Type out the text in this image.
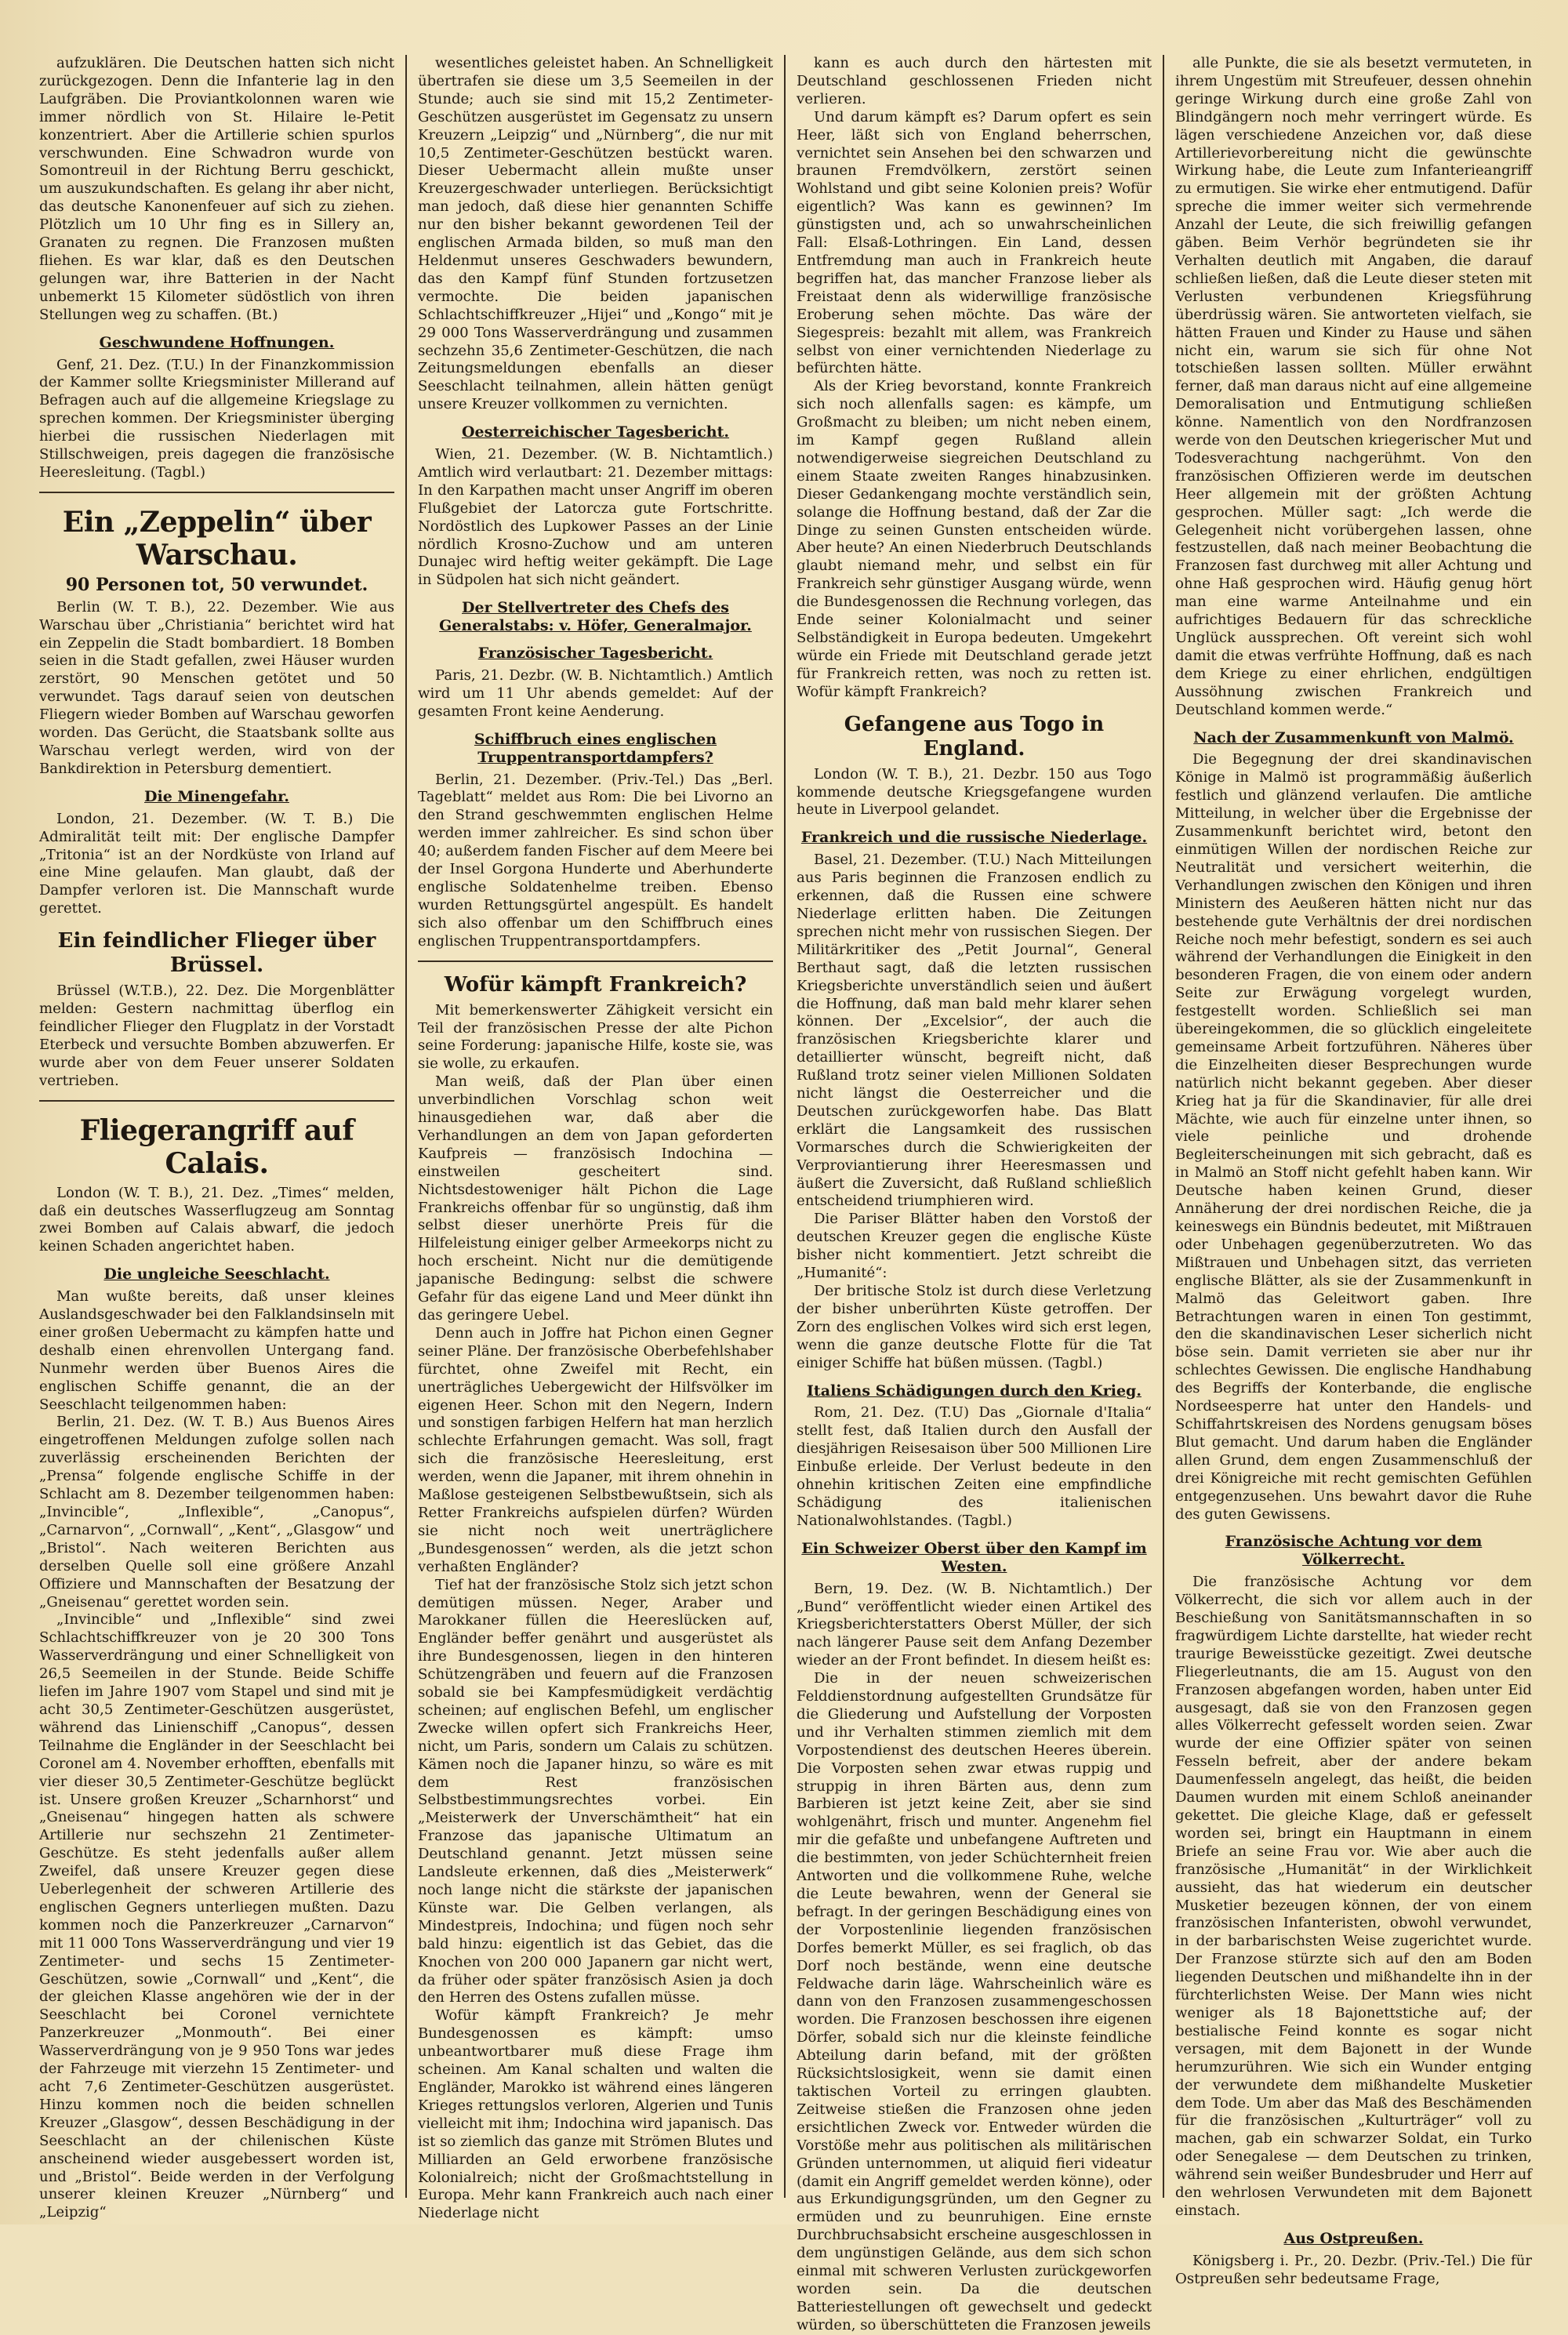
aufzuklären. Die Deutschen hatten sich nicht zurückgezogen. Denn die Infanterie lag in den Laufgräben. Die Proviantkolonnen waren wie immer nördlich von St. Hilaire le-Petit konzentriert. Aber die Artillerie schien spurlos verschwunden. Eine Schwadron wurde von Somontreuil in der Richtung Berru geschickt, um auszukundschaften. Es gelang ihr aber nicht, das deutsche Kanonenfeuer auf sich zu ziehen. Plötzlich um 10 Uhr fing es in Sillery an, Granaten zu regnen. Die Franzosen mußten fliehen. Es war klar, daß es den Deutschen gelungen war, ihre Batterien in der Nacht unbemerkt 15 Kilometer südöstlich von ihren Stellungen weg zu schaffen. (Bt.)

Geschwundene Hoffnungen.

Genf, 21. Dez. (T.U.) In der Finanzkommission der Kammer sollte Kriegsminister Millerand auf Befragen auch auf die allgemeine Kriegslage zu sprechen kommen. Der Kriegsminister überging hierbei die russischen Niederlagen mit Stillschweigen, preis dagegen die französische Heeresleitung. (Tagbl.)

Ein „Zeppelin“ über Warschau.
90 Personen tot, 50 verwundet.

Berlin (W. T. B.), 22. Dezember. Wie aus Warschau über „Christiania“ berichtet wird hat ein Zeppelin die Stadt bombardiert. 18 Bomben seien in die Stadt gefallen, zwei Häuser wurden zerstört, 90 Menschen getötet und 50 verwundet. Tags darauf seien von deutschen Fliegern wieder Bomben auf Warschau geworfen worden. Das Gerücht, die Staatsbank sollte aus Warschau verlegt werden, wird von der Bankdirektion in Petersburg dementiert.

Die Minengefahr.

London, 21. Dezember. (W. T. B.) Die Admiralität teilt mit: Der englische Dampfer „Tritonia“ ist an der Nordküste von Irland auf eine Mine gelaufen. Man glaubt, daß der Dampfer verloren ist. Die Mannschaft wurde gerettet.

Ein feindlicher Flieger über Brüssel.

Brüssel (W.T.B.), 22. Dez. Die Morgenblätter melden: Gestern nachmittag überflog ein feindlicher Flieger den Flugplatz in der Vorstadt Eterbeck und versuchte Bomben abzuwerfen. Er wurde aber von dem Feuer unserer Soldaten vertrieben.

Fliegerangriff auf Calais.

London (W. T. B.), 21. Dez. „Times“ melden, daß ein deutsches Wasserflugzeug am Sonntag zwei Bomben auf Calais abwarf, die jedoch keinen Schaden angerichtet haben.

Die ungleiche Seeschlacht.

Man wußte bereits, daß unser kleines Auslandsgeschwader bei den Falklandsinseln mit einer großen Uebermacht zu kämpfen hatte und deshalb einen ehrenvollen Untergang fand. Nunmehr werden über Buenos Aires die englischen Schiffe genannt, die an der Seeschlacht teilgenommen haben:

Berlin, 21. Dez. (W. T. B.) Aus Buenos Aires eingetroffenen Meldungen zufolge sollen nach zuverlässig erscheinenden Berichten der „Prensa“ folgende englische Schiffe in der Schlacht am 8. Dezember teilgenommen haben: „Invincible“, „Inflexible“, „Canopus“, „Carnarvon“, „Cornwall“, „Kent“, „Glasgow“ und „Bristol“. Nach weiteren Berichten aus derselben Quelle soll eine größere Anzahl Offiziere und Mannschaften der Besatzung der „Gneisenau“ gerettet worden sein.

„Invincible“ und „Inflexible“ sind zwei Schlachtschiffkreuzer von je 20 300 Tons Wasserverdrängung und einer Schnelligkeit von 26,5 Seemeilen in der Stunde. Beide Schiffe liefen im Jahre 1907 vom Stapel und sind mit je acht 30,5 Zentimeter-Geschützen ausgerüstet, während das Linienschiff „Canopus“, dessen Teilnahme die Engländer in der Seeschlacht bei Coronel am 4. November erhofften, ebenfalls mit vier dieser 30,5 Zentimeter-Geschütze beglückt ist. Unsere großen Kreuzer „Scharnhorst“ und „Gneisenau“ hingegen hatten als schwere Artillerie nur sechszehn 21 Zentimeter-Geschütze. Es steht jedenfalls außer allem Zweifel, daß unsere Kreuzer gegen diese Ueberlegenheit der schweren Artillerie des englischen Gegners unterliegen mußten. Dazu kommen noch die Panzerkreuzer „Carnarvon“ mit 11 000 Tons Wasserverdrängung und vier 19 Zentimeter- und sechs 15 Zentimeter-Geschützen, sowie „Cornwall“ und „Kent“, die der gleichen Klasse angehören wie der in der Seeschlacht bei Coronel vernichtete Panzerkreuzer „Monmouth“. Bei einer Wasserverdrängung von je 9 950 Tons war jedes der Fahrzeuge mit vierzehn 15 Zentimeter- und acht 7,6 Zentimeter-Geschützen ausgerüstet. Hinzu kommen noch die beiden schnellen Kreuzer „Glasgow“, dessen Beschädigung in der Seeschlacht an der chilenischen Küste anscheinend wieder ausgebessert worden ist, und „Bristol“. Beide werden in der Verfolgung unserer kleinen Kreuzer „Nürnberg“ und „Leipzig“

wesentliches geleistet haben. An Schnelligkeit übertrafen sie diese um 3,5 Seemeilen in der Stunde; auch sie sind mit 15,2 Zentimeter-Geschützen ausgerüstet im Gegensatz zu unsern Kreuzern „Leipzig“ und „Nürnberg“, die nur mit 10,5 Zentimeter-Geschützen bestückt waren. Dieser Uebermacht allein mußte unser Kreuzergeschwader unterliegen. Berücksichtigt man jedoch, daß diese hier genannten Schiffe nur den bisher bekannt gewordenen Teil der englischen Armada bilden, so muß man den Heldenmut unseres Geschwaders bewundern, das den Kampf fünf Stunden fortzusetzen vermochte. Die beiden japanischen Schlachtschiffkreuzer „Hijei“ und „Kongo“ mit je 29 000 Tons Wasserverdrängung und zusammen sechzehn 35,6 Zentimeter-Geschützen, die nach Zeitungsmeldungen ebenfalls an dieser Seeschlacht teilnahmen, allein hätten genügt unsere Kreuzer vollkommen zu vernichten.

Oesterreichischer Tagesbericht.

Wien, 21. Dezember. (W. B. Nichtamtlich.) Amtlich wird verlautbart: 21. Dezember mittags: In den Karpathen macht unser Angriff im oberen Flußgebiet der Latorcza gute Fortschritte. Nordöstlich des Lupkower Passes an der Linie nördlich Krosno-Zuchow und am unteren Dunajec wird heftig weiter gekämpft. Die Lage in Südpolen hat sich nicht geändert.

Der Stellvertreter des Chefs des Generalstabs: v. Höfer, Generalmajor.
Französischer Tagesbericht.

Paris, 21. Dezbr. (W. B. Nichtamtlich.) Amtlich wird um 11 Uhr abends gemeldet: Auf der gesamten Front keine Aenderung.

Schiffbruch eines englischen Truppentransportdampfers?

Berlin, 21. Dezember. (Priv.-Tel.) Das „Berl. Tageblatt“ meldet aus Rom: Die bei Livorno an den Strand geschwemmten englischen Helme werden immer zahlreicher. Es sind schon über 40; außerdem fanden Fischer auf dem Meere bei der Insel Gorgona Hunderte und Aberhunderte englische Soldatenhelme treiben. Ebenso wurden Rettungsgürtel angespült. Es handelt sich also offenbar um den Schiffbruch eines englischen Truppentransportdampfers.

Wofür kämpft Frankreich?

Mit bemerkenswerter Zähigkeit versicht ein Teil der französischen Presse der alte Pichon seine Forderung: japanische Hilfe, koste sie, was sie wolle, zu erkaufen.

Man weiß, daß der Plan über einen unverbindlichen Vorschlag schon weit hinausgediehen war, daß aber die Verhandlungen an dem von Japan geforderten Kaufpreis — französisch Indochina — einstweilen gescheitert sind. Nichtsdestoweniger hält Pichon die Lage Frankreichs offenbar für so ungünstig, daß ihm selbst dieser unerhörte Preis für die Hilfeleistung einiger gelber Armeekorps nicht zu hoch erscheint. Nicht nur die demütigende japanische Bedingung: selbst die schwere Gefahr für das eigene Land und Meer dünkt ihn das geringere Uebel.

Denn auch in Joffre hat Pichon einen Gegner seiner Pläne. Der französische Oberbefehlshaber fürchtet, ohne Zweifel mit Recht, ein unerträgliches Uebergewicht der Hilfsvölker im eigenen Heer. Schon mit den Negern, Indern und sonstigen farbigen Helfern hat man herzlich schlechte Erfahrungen gemacht. Was soll, fragt sich die französische Heeresleitung, erst werden, wenn die Japaner, mit ihrem ohnehin in Maßlose gesteigenen Selbstbewußtsein, sich als Retter Frankreichs aufspielen dürfen? Würden sie nicht noch weit unerträglichere „Bundesgenossen“ werden, als die jetzt schon verhaßten Engländer?

Tief hat der französische Stolz sich jetzt schon demütigen müssen. Neger, Araber und Marokkaner füllen die Heereslücken auf, Engländer beffer genährt und ausgerüstet als ihre Bundesgenossen, liegen in den hinteren Schützengräben und feuern auf die Franzosen sobald sie bei Kampfesmüdigkeit verdächtig scheinen; auf englischen Befehl, um englischer Zwecke willen opfert sich Frankreichs Heer, nicht, um Paris, sondern um Calais zu schützen. Kämen noch die Japaner hinzu, so wäre es mit dem Rest französischen Selbstbestimmungsrechtes vorbei. Ein „Meisterwerk der Unverschämtheit“ hat ein Franzose das japanische Ultimatum an Deutschland genannt. Jetzt müssen seine Landsleute erkennen, daß dies „Meisterwerk“ noch lange nicht die stärkste der japanischen Künste war. Die Gelben verlangen, als Mindestpreis, Indochina; und fügen noch sehr bald hinzu: eigentlich ist das Gebiet, das die Knochen von 200 000 Japanern gar nicht wert, da früher oder später französisch Asien ja doch den Herren des Ostens zufallen müsse.

Wofür kämpft Frankreich? Je mehr Bundesgenossen es kämpft: umso unbeantwortbarer muß diese Frage ihm scheinen. Am Kanal schalten und walten die Engländer, Marokko ist während eines längeren Krieges rettungslos verloren, Algerien und Tunis vielleicht mit ihm; Indochina wird japanisch. Das ist so ziemlich das ganze mit Strömen Blutes und Milliarden an Geld erworbene französische Kolonialreich; nicht der Großmachtstellung in Europa. Mehr kann Frankreich auch nach einer Niederlage nicht

kann es auch durch den härtesten mit Deutschland geschlossenen Frieden nicht verlieren.

Und darum kämpft es? Darum opfert es sein Heer, läßt sich von England beherrschen, vernichtet sein Ansehen bei den schwarzen und braunen Fremdvölkern, zerstört seinen Wohlstand und gibt seine Kolonien preis? Wofür eigentlich? Was kann es gewinnen? Im günstigsten und, ach so unwahrscheinlichen Fall: Elsaß-Lothringen. Ein Land, dessen Entfremdung man auch in Frankreich heute begriffen hat, das mancher Franzose lieber als Freistaat denn als widerwillige französische Eroberung sehen möchte. Das wäre der Siegespreis: bezahlt mit allem, was Frankreich selbst von einer vernichtenden Niederlage zu befürchten hätte.

Als der Krieg bevorstand, konnte Frankreich sich noch allenfalls sagen: es kämpfe, um Großmacht zu bleiben; um nicht neben einem, im Kampf gegen Rußland allein notwendigerweise siegreichen Deutschland zu einem Staate zweiten Ranges hinabzusinken. Dieser Gedankengang mochte verständlich sein, solange die Hoffnung bestand, daß der Zar die Dinge zu seinen Gunsten entscheiden würde. Aber heute? An einen Niederbruch Deutschlands glaubt niemand mehr, und selbst ein für Frankreich sehr günstiger Ausgang würde, wenn die Bundesgenossen die Rechnung vorlegen, das Ende seiner Kolonialmacht und seiner Selbständigkeit in Europa bedeuten. Umgekehrt würde ein Friede mit Deutschland gerade jetzt für Frankreich retten, was noch zu retten ist. Wofür kämpft Frankreich?

Gefangene aus Togo in England.

London (W. T. B.), 21. Dezbr. 150 aus Togo kommende deutsche Kriegsgefangene wurden heute in Liverpool gelandet.

Frankreich und die russische Niederlage.

Basel, 21. Dezember. (T.U.) Nach Mitteilungen aus Paris beginnen die Franzosen endlich zu erkennen, daß die Russen eine schwere Niederlage erlitten haben. Die Zeitungen sprechen nicht mehr von russischen Siegen. Der Militärkritiker des „Petit Journal“, General Berthaut sagt, daß die letzten russischen Kriegsberichte unverständlich seien und äußert die Hoffnung, daß man bald mehr klarer sehen können. Der „Excelsior“, der auch die französischen Kriegsberichte klarer und detaillierter wünscht, begreift nicht, daß Rußland trotz seiner vielen Millionen Soldaten nicht längst die Oesterreicher und die Deutschen zurückgeworfen habe. Das Blatt erklärt die Langsamkeit des russischen Vormarsches durch die Schwierigkeiten der Verproviantierung ihrer Heeresmassen und äußert die Zuversicht, daß Rußland schließlich entscheidend triumphieren wird.

Die Pariser Blätter haben den Vorstoß der deutschen Kreuzer gegen die englische Küste bisher nicht kommentiert. Jetzt schreibt die „Humanité“:

Der britische Stolz ist durch diese Verletzung der bisher unberührten Küste getroffen. Der Zorn des englischen Volkes wird sich erst legen, wenn die ganze deutsche Flotte für die Tat einiger Schiffe hat büßen müssen. (Tagbl.)

Italiens Schädigungen durch den Krieg.

Rom, 21. Dez. (T.U) Das „Giornale d'Italia“ stellt fest, daß Italien durch den Ausfall der diesjährigen Reisesaison über 500 Millionen Lire Einbuße erleide. Der Verlust bedeute in den ohnehin kritischen Zeiten eine empfindliche Schädigung des italienischen Nationalwohlstandes. (Tagbl.)

Ein Schweizer Oberst über den Kampf im Westen.

Bern, 19. Dez. (W. B. Nichtamtlich.) Der „Bund“ veröffentlicht wieder einen Artikel des Kriegsberichterstatters Oberst Müller, der sich nach längerer Pause seit dem Anfang Dezember wieder an der Front befindet. In diesem heißt es:

Die in der neuen schweizerischen Felddienstordnung aufgestellten Grundsätze für die Gliederung und Aufstellung der Vorposten und ihr Verhalten stimmen ziemlich mit dem Vorpostendienst des deutschen Heeres überein. Die Vorposten sehen zwar etwas ruppig und struppig in ihren Bärten aus, denn zum Barbieren ist jetzt keine Zeit, aber sie sind wohlgenährt, frisch und munter. Angenehm fiel mir die gefaßte und unbefangene Auftreten und die bestimmten, von jeder Schüchternheit freien Antworten und die vollkommene Ruhe, welche die Leute bewahren, wenn der General sie befragt. In der geringen Beschädigung eines von der Vorpostenlinie liegenden französischen Dorfes bemerkt Müller, es sei fraglich, ob das Dorf noch bestände, wenn eine deutsche Feldwache darin läge. Wahrscheinlich wäre es dann von den Franzosen zusammengeschossen worden. Die Franzosen beschossen ihre eigenen Dörfer, sobald sich nur die kleinste feindliche Abteilung darin befand, mit der größten Rücksichtslosigkeit, wenn sie damit einen taktischen Vorteil zu erringen glaubten. Zeitweise stießen die Franzosen ohne jeden ersichtlichen Zweck vor. Entweder würden die Vorstöße mehr aus politischen als militärischen Gründen unternommen, ut aliquid fieri videatur (damit ein Angriff gemeldet werden könne), oder aus Erkundigungsgründen, um den Gegner zu ermüden und zu beunruhigen. Eine ernste Durchbruchsabsicht erscheine ausgeschlossen in dem ungünstigen Gelände, aus dem sich schon einmal mit schweren Verlusten zurückgeworfen worden sein. Da die deutschen Batteriestellungen oft gewechselt und gedeckt würden, so überschütteten die Franzosen jeweils

alle Punkte, die sie als besetzt vermuteten, in ihrem Ungestüm mit Streufeuer, dessen ohnehin geringe Wirkung durch eine große Zahl von Blindgängern noch mehr verringert würde. Es lägen verschiedene Anzeichen vor, daß diese Artillerievorbereitung nicht die gewünschte Wirkung habe, die Leute zum Infanterieangriff zu ermutigen. Sie wirke eher entmutigend. Dafür spreche die immer weiter sich vermehrende Anzahl der Leute, die sich freiwillig gefangen gäben. Beim Verhör begründeten sie ihr Verhalten deutlich mit Angaben, die darauf schließen ließen, daß die Leute dieser steten mit Verlusten verbundenen Kriegsführung überdrüssig wären. Sie antworteten vielfach, sie hätten Frauen und Kinder zu Hause und sähen nicht ein, warum sie sich für ohne Not totschießen lassen sollten. Müller erwähnt ferner, daß man daraus nicht auf eine allgemeine Demoralisation und Entmutigung schließen könne. Namentlich von den Nordfranzosen werde von den Deutschen kriegerischer Mut und Todesverachtung nachgerühmt. Von den französischen Offizieren werde im deutschen Heer allgemein mit der größten Achtung gesprochen. Müller sagt: „Ich werde die Gelegenheit nicht vorübergehen lassen, ohne festzustellen, daß nach meiner Beobachtung die Franzosen fast durchweg mit aller Achtung und ohne Haß gesprochen wird. Häufig genug hört man eine warme Anteilnahme und ein aufrichtiges Bedauern für das schreckliche Unglück aussprechen. Oft vereint sich wohl damit die etwas verfrühte Hoffnung, daß es nach dem Kriege zu einer ehrlichen, endgültigen Aussöhnung zwischen Frankreich und Deutschland kommen werde.“

Nach der Zusammenkunft von Malmö.

Die Begegnung der drei skandinavischen Könige in Malmö ist programmäßig äußerlich festlich und glänzend verlaufen. Die amtliche Mitteilung, in welcher über die Ergebnisse der Zusammenkunft berichtet wird, betont den einmütigen Willen der nordischen Reiche zur Neutralität und versichert weiterhin, die Verhandlungen zwischen den Königen und ihren Ministern des Aeußeren hätten nicht nur das bestehende gute Verhältnis der drei nordischen Reiche noch mehr befestigt, sondern es sei auch während der Verhandlungen die Einigkeit in den besonderen Fragen, die von einem oder andern Seite zur Erwägung vorgelegt wurden, festgestellt worden. Schließlich sei man übereingekommen, die so glücklich eingeleitete gemeinsame Arbeit fortzuführen. Näheres über die Einzelheiten dieser Besprechungen wurde natürlich nicht bekannt gegeben. Aber dieser Krieg hat ja für die Skandinavier, für alle drei Mächte, wie auch für einzelne unter ihnen, so viele peinliche und drohende Begleiterscheinungen mit sich gebracht, daß es in Malmö an Stoff nicht gefehlt haben kann. Wir Deutsche haben keinen Grund, dieser Annäherung der drei nordischen Reiche, die ja keineswegs ein Bündnis bedeutet, mit Mißtrauen oder Unbehagen gegenüberzutreten. Wo das Mißtrauen und Unbehagen sitzt, das verrieten englische Blätter, als sie der Zusammenkunft in Malmö das Geleitwort gaben. Ihre Betrachtungen waren in einen Ton gestimmt, den die skandinavischen Leser sicherlich nicht böse sein. Damit verrieten sie aber nur ihr schlechtes Gewissen. Die englische Handhabung des Begriffs der Konterbande, die englische Nordseesperre hat unter den Handels- und Schiffahrtskreisen des Nordens genugsam böses Blut gemacht. Und darum haben die Engländer allen Grund, dem engen Zusammenschluß der drei Königreiche mit recht gemischten Gefühlen entgegenzusehen. Uns bewahrt davor die Ruhe des guten Gewissens.

Französische Achtung vor dem Völkerrecht.

Die französische Achtung vor dem Völkerrecht, die sich vor allem auch in der Beschießung von Sanitätsmannschaften in so fragwürdigem Lichte darstellte, hat wieder recht traurige Beweisstücke gezeitigt. Zwei deutsche Fliegerleutnants, die am 15. August von den Franzosen abgefangen worden, haben unter Eid ausgesagt, daß sie von den Franzosen gegen alles Völkerrecht gefesselt worden seien. Zwar wurde der eine Offizier später von seinen Fesseln befreit, aber der andere bekam Daumenfesseln angelegt, das heißt, die beiden Daumen wurden mit einem Schloß aneinander gekettet. Die gleiche Klage, daß er gefesselt worden sei, bringt ein Hauptmann in einem Briefe an seine Frau vor. Wie aber auch die französische „Humanität“ in der Wirklichkeit aussieht, das hat wiederum ein deutscher Musketier bezeugen können, der von einem französischen Infanteristen, obwohl verwundet, in der barbarischsten Weise zugerichtet wurde. Der Franzose stürzte sich auf den am Boden liegenden Deutschen und mißhandelte ihn in der fürchterlichsten Weise. Der Mann wies nicht weniger als 18 Bajonettstiche auf; der bestialische Feind konnte es sogar nicht versagen, mit dem Bajonett in der Wunde herumzurühren. Wie sich ein Wunder entging der verwundete dem mißhandelte Musketier dem Tode. Um aber das Maß des Beschämenden für die französischen „Kulturträger“ voll zu machen, gab ein schwarzer Soldat, ein Turko oder Senegalese — dem Deutschen zu trinken, während sein weißer Bundesbruder und Herr auf den wehrlosen Verwundeten mit dem Bajonett einstach.

Aus Ostpreußen.

Königsberg i. Pr., 20. Dezbr. (Priv.-Tel.) Die für Ostpreußen sehr bedeutsame Frage,
